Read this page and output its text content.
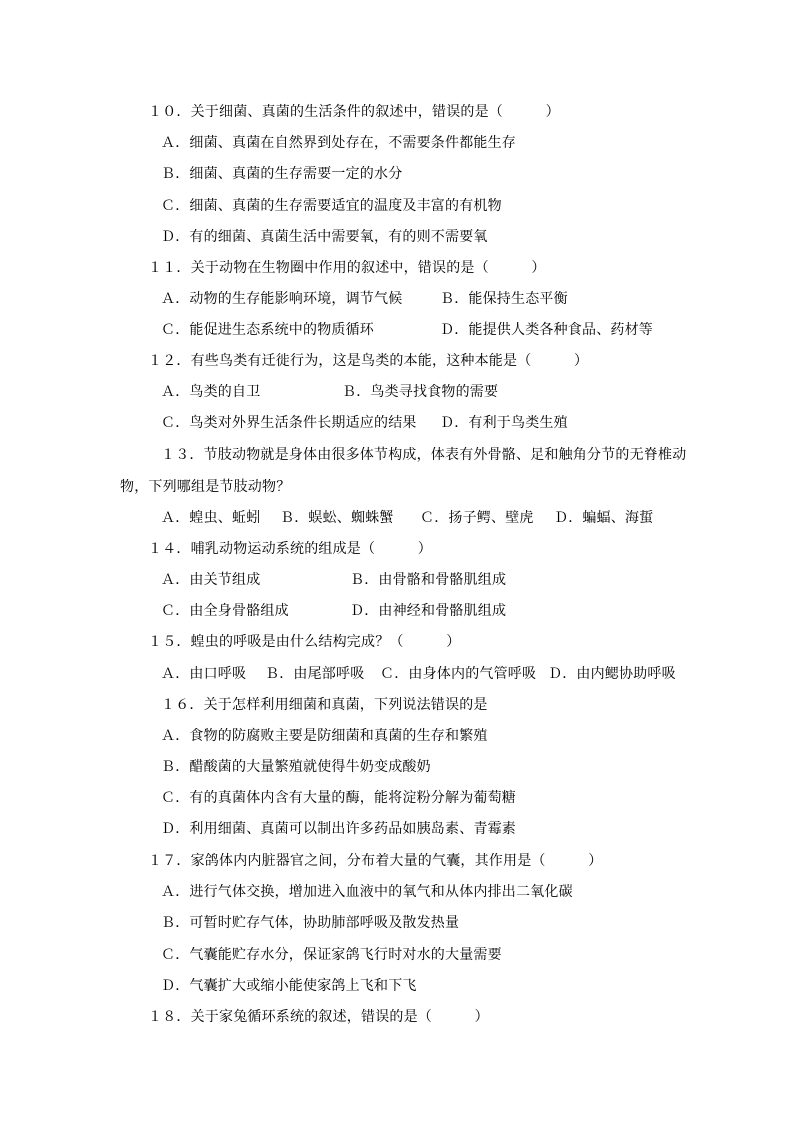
１０．关于细菌、真菌的生活条件的叙述中，错误的是（　　　）
Ａ．细菌、真菌在自然界到处存在，不需要条件都能生存
Ｂ．细菌、真菌的生存需要一定的水分
Ｃ．细菌、真菌的生存需要适宜的温度及丰富的有机物
Ｄ．有的细菌、真菌生活中需要氧，有的则不需要氧
１１．关于动物在生物圈中作用的叙述中，错误的是（　　　）
Ａ．动物的生存能影响环境，调节气候	Ｂ．能保持生态平衡
Ｃ．能促进生态系统中的物质循环	Ｄ．能提供人类各种食品、药材等
１２．有些鸟类有迁徙行为，这是鸟类的本能，这种本能是（　　　）
Ａ．鸟类的自卫	Ｂ．鸟类寻找食物的需要
Ｃ．鸟类对外界生活条件长期适应的结果 Ｄ．有利于鸟类生殖
１３．节肢动物就是身体由很多体节构成，体表有外骨骼、足和触角分节的无脊椎动
物，下列哪组是节肢动物？
Ａ．蝗虫、蚯蚓 Ｂ．蜈蚣、蜘蛛蟹 Ｃ．扬子鳄、壁虎 Ｄ．蝙蝠、海蜇
１４．哺乳动物运动系统的组成是（　　　）
Ａ．由关节组成	Ｂ．由骨骼和骨骼肌组成
Ｃ．由全身骨骼组成	Ｄ．由神经和骨骼肌组成
１５．蝗虫的呼吸是由什么结构完成？（　　　）
Ａ．由口呼吸 Ｂ．由尾部呼吸 Ｃ．由身体内的气管呼吸 Ｄ．由内鳃协助呼吸
１６．关于怎样利用细菌和真菌，下列说法错误的是
Ａ．食物的防腐败主要是防细菌和真菌的生存和繁殖
Ｂ．醋酸菌的大量繁殖就使得牛奶变成酸奶
Ｃ．有的真菌体内含有大量的酶，能将淀粉分解为葡萄糖
Ｄ．利用细菌、真菌可以制出许多药品如胰岛素、青霉素
１７．家鸽体内内脏器官之间，分布着大量的气囊，其作用是（　　　）
Ａ．进行气体交换，增加进入血液中的氧气和从体内排出二氧化碳
Ｂ．可暂时贮存气体，协助肺部呼吸及散发热量
Ｃ．气囊能贮存水分，保证家鸽飞行时对水的大量需要
Ｄ．气囊扩大或缩小能使家鸽上飞和下飞
１８．关于家兔循环系统的叙述，错误的是（　　　）
